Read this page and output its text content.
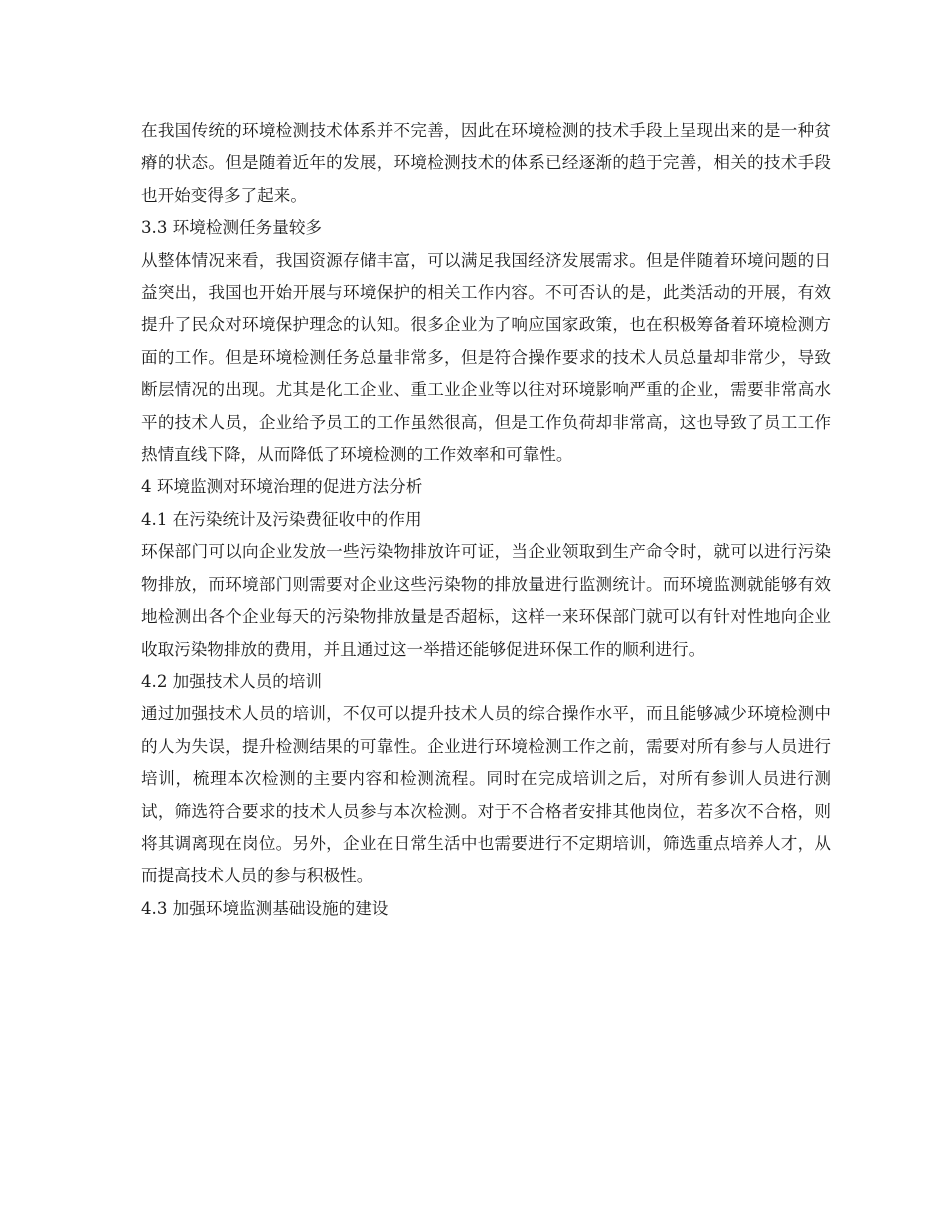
在我国传统的环境检测技术体系并不完善，因此在环境检测的技术手段上呈现出来的是一种贫瘠的状态。但是随着近年的发展，环境检测技术的体系已经逐渐的趋于完善，相关的技术手段也开始变得多了起来。

3.3 环境检测任务量较多

从整体情况来看，我国资源存储丰富，可以满足我国经济发展需求。但是伴随着环境问题的日益突出，我国也开始开展与环境保护的相关工作内容。不可否认的是，此类活动的开展，有效提升了民众对环境保护理念的认知。很多企业为了响应国家政策，也在积极筹备着环境检测方面的工作。但是环境检测任务总量非常多，但是符合操作要求的技术人员总量却非常少，导致断层情况的出现。尤其是化工企业、重工业企业等以往对环境影响严重的企业，需要非常高水平的技术人员，企业给予员工的工作虽然很高，但是工作负荷却非常高，这也导致了员工工作热情直线下降，从而降低了环境检测的工作效率和可靠性。

4 环境监测对环境治理的促进方法分析
4.1 在污染统计及污染费征收中的作用

环保部门可以向企业发放一些污染物排放许可证，当企业领取到生产命令时，就可以进行污染物排放，而环境部门则需要对企业这些污染物的排放量进行监测统计。而环境监测就能够有效地检测出各个企业每天的污染物排放量是否超标，这样一来环保部门就可以有针对性地向企业收取污染物排放的费用，并且通过这一举措还能够促进环保工作的顺利进行。

4.2 加强技术人员的培训

通过加强技术人员的培训，不仅可以提升技术人员的综合操作水平，而且能够减少环境检测中的人为失误，提升检测结果的可靠性。企业进行环境检测工作之前，需要对所有参与人员进行培训，梳理本次检测的主要内容和检测流程。同时在完成培训之后，对所有参训人员进行测试，筛选符合要求的技术人员参与本次检测。对于不合格者安排其他岗位，若多次不合格，则将其调离现在岗位。另外，企业在日常生活中也需要进行不定期培训，筛选重点培养人才，从而提高技术人员的参与积极性。

4.3 加强环境监测基础设施的建设
